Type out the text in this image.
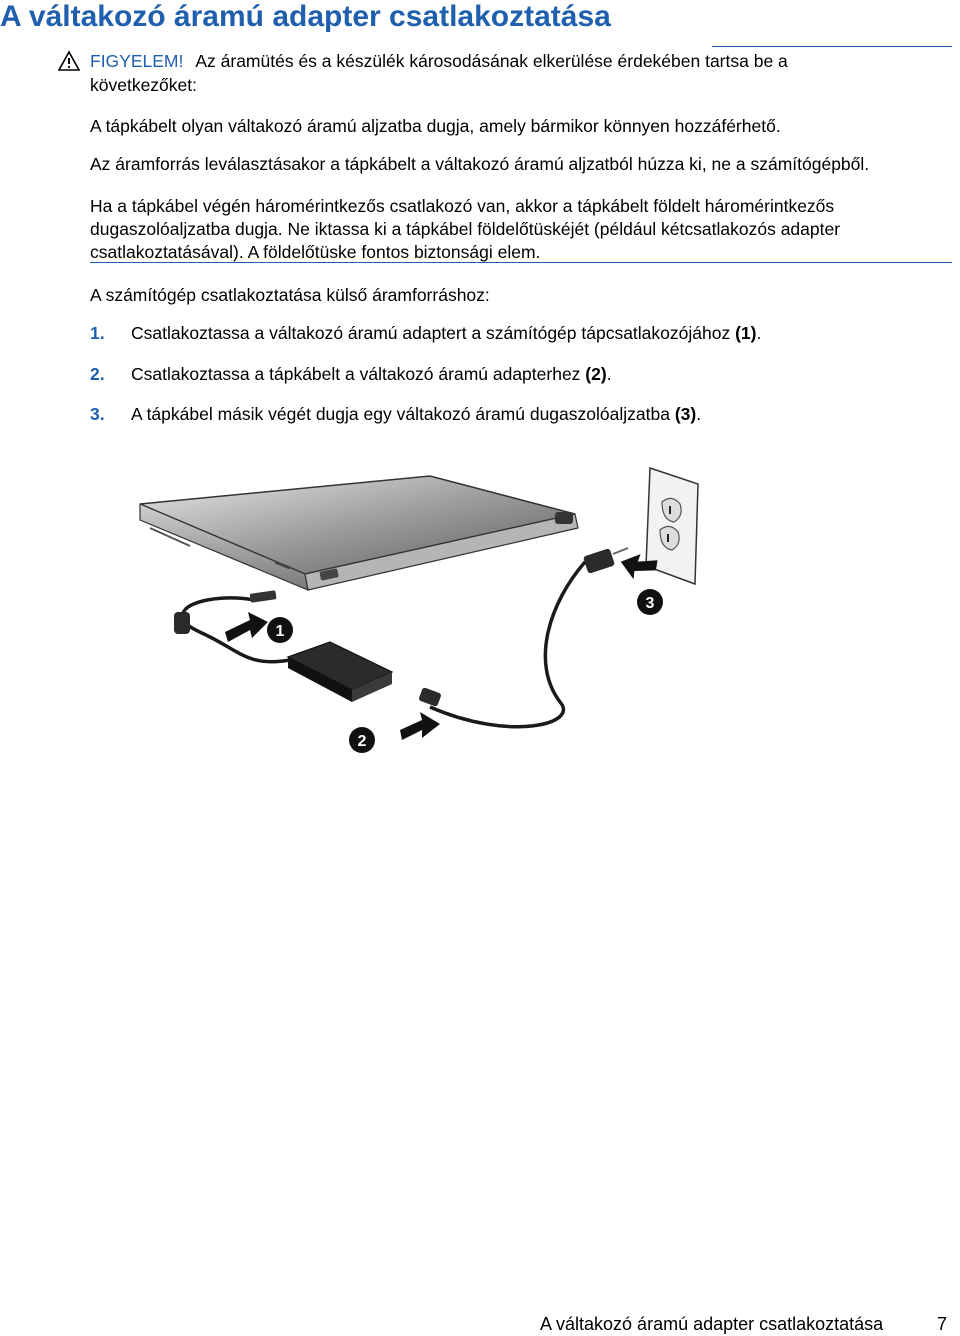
A váltakozó áramú adapter csatlakoztatása
FIGYELEM! Az áramütés és a készülék károsodásának elkerülése érdekében tartsa be a
következőket:
A tápkábelt olyan váltakozó áramú aljzatba dugja, amely bármikor könnyen hozzáférhető.
Az áramforrás leválasztásakor a tápkábelt a váltakozó áramú aljzatból húzza ki, ne a számítógépből.
Ha a tápkábel végén háromérintkezős csatlakozó van, akkor a tápkábelt földelt háromérintkezős dugaszolóaljzatba dugja. Ne iktassa ki a tápkábel földelőtüskéjét (például kétcsatlakozós adapter csatlakoztatásával). A földelőtüske fontos biztonsági elem.
A számítógép csatlakoztatása külső áramforráshoz:
1. Csatlakoztassa a váltakozó áramú adaptert a számítógép tápcsatlakozójához (1).
2. Csatlakoztassa a tápkábelt a váltakozó áramú adapterhez (2).
3. A tápkábel másik végét dugja egy váltakozó áramú dugaszolóaljzatba (3).
1
2
3
A váltakozó áramú adapter csatlakoztatása	7
